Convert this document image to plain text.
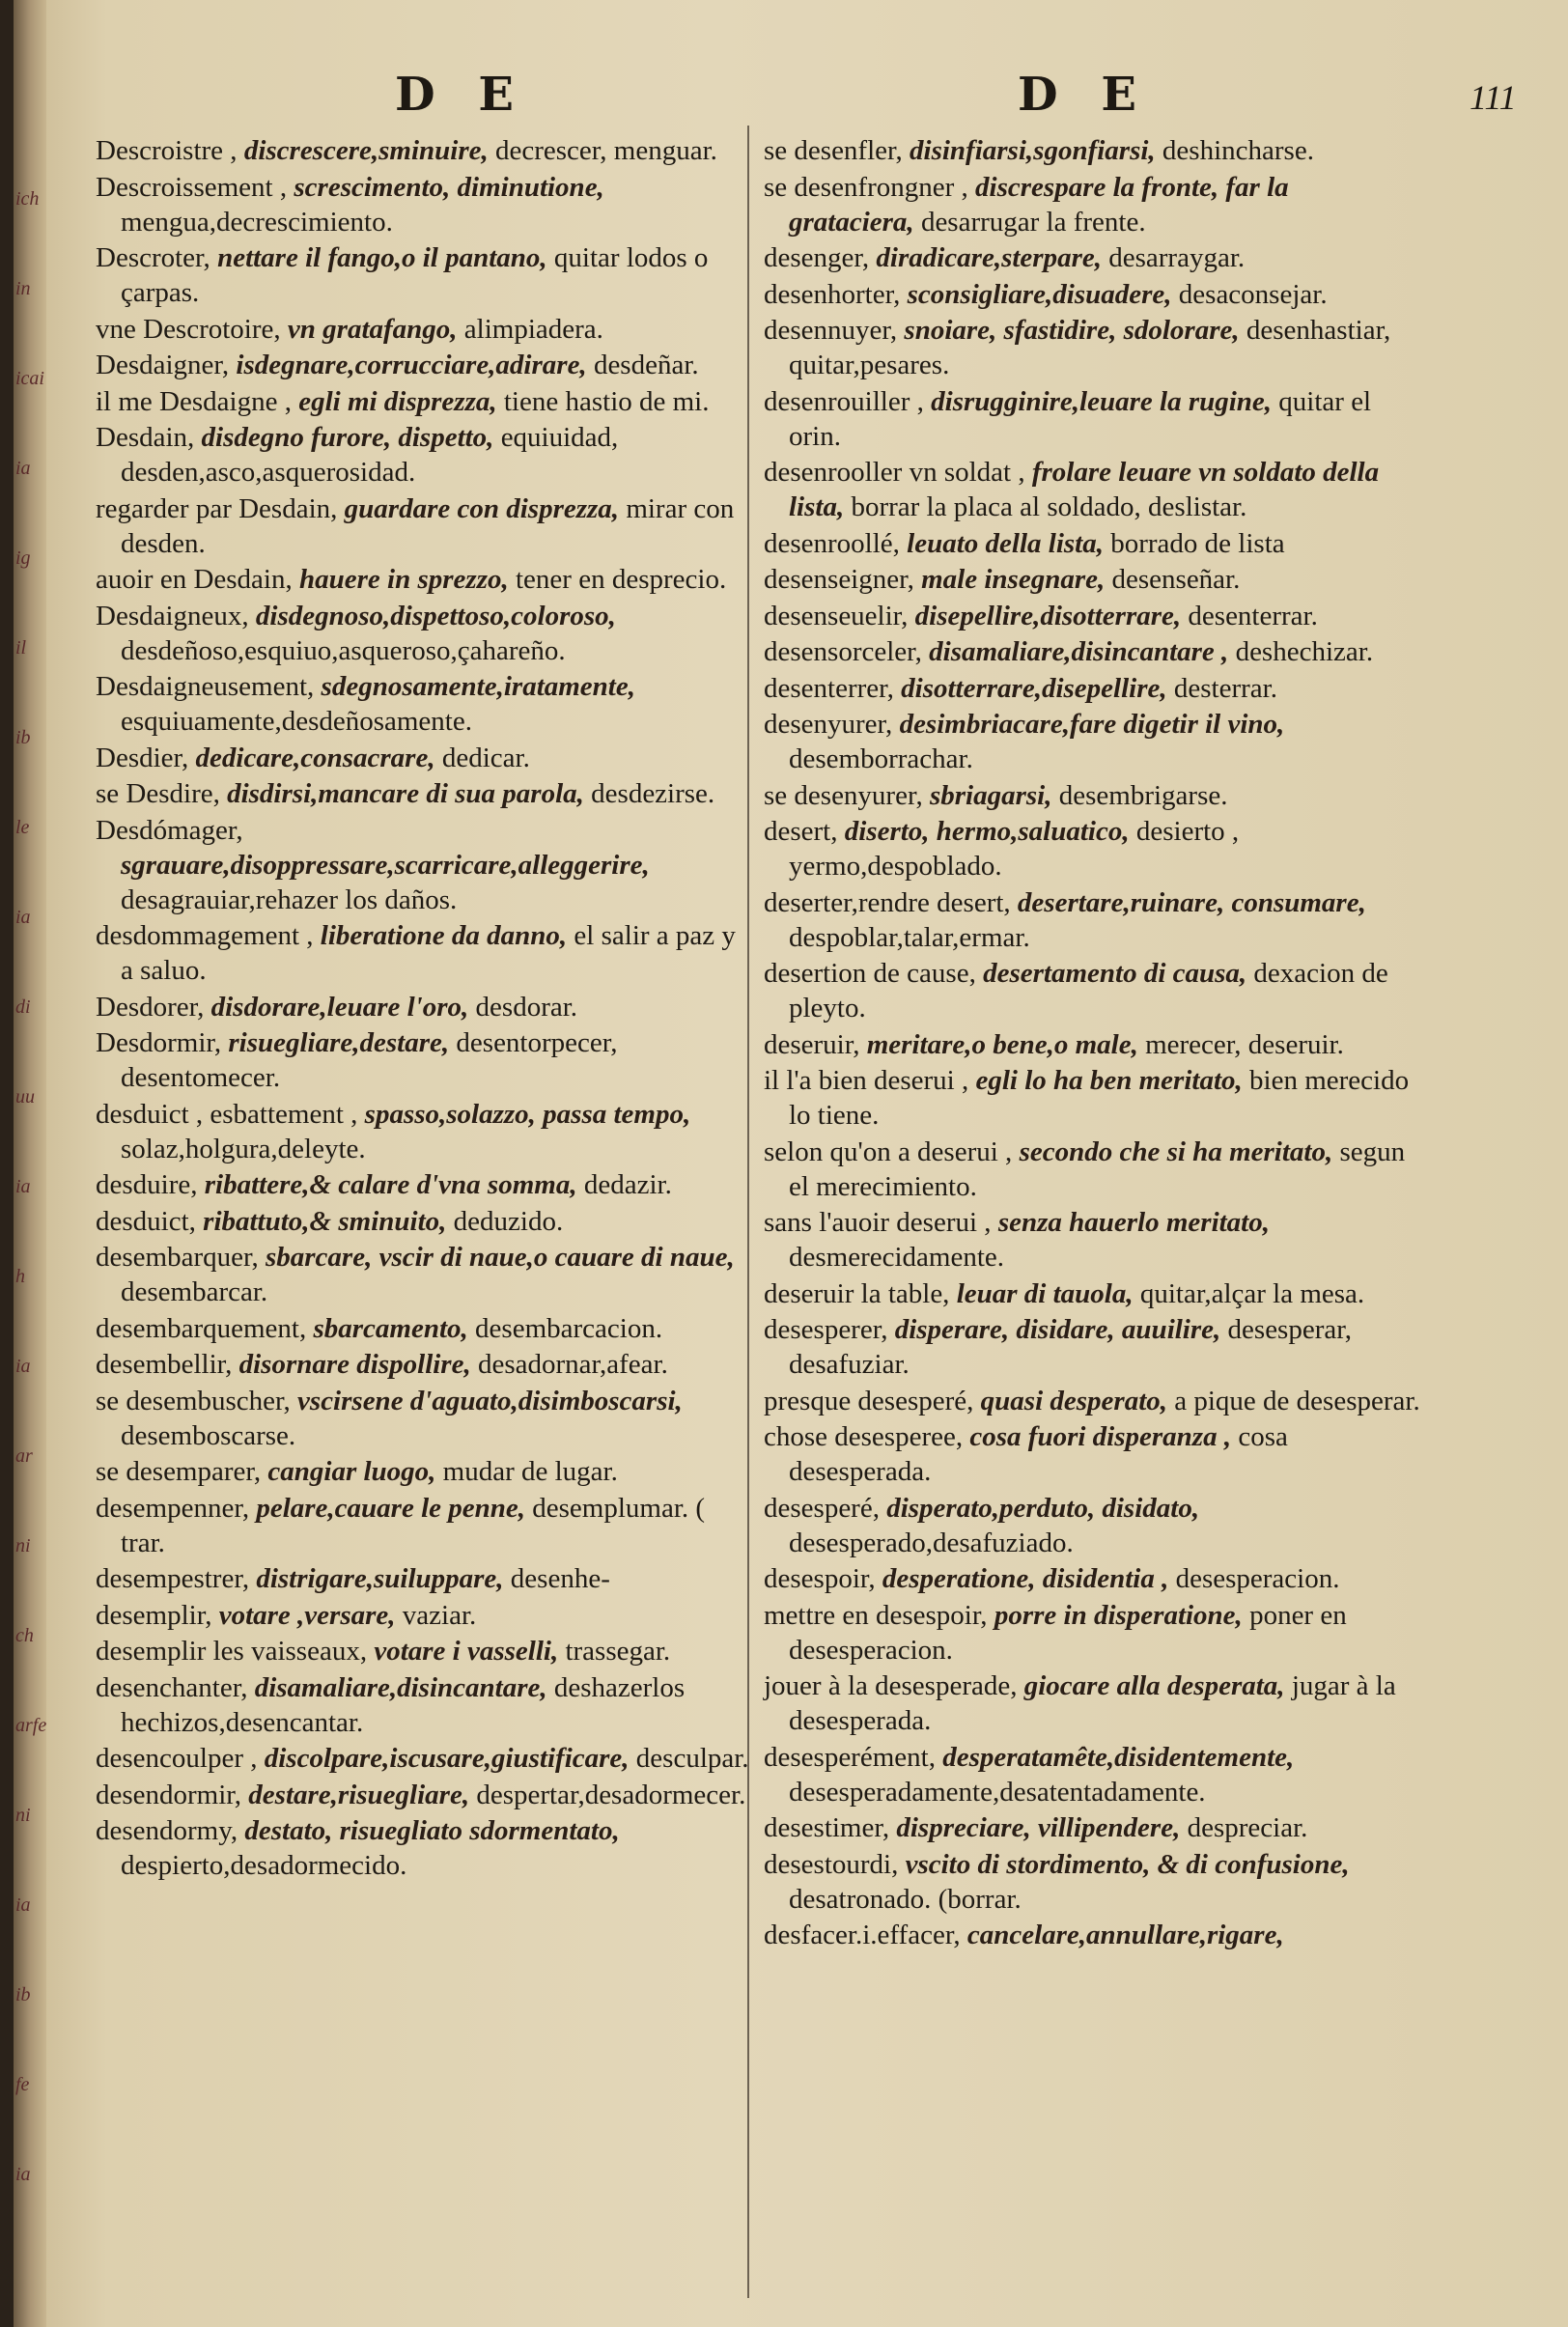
ich
in
icai
ia
ig
il
ib
le
ia
di
uu
ia
h
ia
ar
ni
ch
arfe
ni
ia
ib
fe
ia
D E	D E	111

Descroistre , discrescere,sminuire, decrescer, menguar.

Descroissement , screscimento, diminutione, mengua,decrescimiento.

Descroter, nettare il fango,o il pantano, quitar lodos o çarpas.

vne Descrotoire, vn gratafango, alimpiadera.

Desdaigner, isdegnare,corrucciare,adirare, desdeñar.

il me Desdaigne , egli mi disprezza, tiene hastio de mi.

Desdain, disdegno furore, dispetto, equiuidad, desden,asco,asquerosidad.

regarder par Desdain, guardare con disprezza, mirar con desden.

auoir en Desdain, hauere in sprezzo, tener en desprecio.

Desdaigneux, disdegnoso,dispettoso,coloroso, desdeñoso,esquiuo,asqueroso,çahareño.

Desdaigneusement, sdegnosamente,iratamente, esquiuamente,desdeñosamente.

Desdier, dedicare,consacrare, dedicar.

se Desdire, disdirsi,mancare di sua parola, desdezirse.

Desdómager, sgrauare,disoppressare,scarricare,alleggerire, desagrauiar,rehazer los daños.

desdommagement , liberatione da danno, el salir a paz y a saluo.

Desdorer, disdorare,leuare l'oro, desdorar.

Desdormir, risuegliare,destare, desentorpecer, desentomecer.

desduict , esbattement , spasso,solazzo, passa tempo, solaz,holgura,deleyte.

desduire, ribattere,& calare d'vna somma, dedazir.

desduict, ribattuto,& sminuito, deduzido.

desembarquer, sbarcare, vscir di naue,o cauare di naue, desembarcar.

desembarquement, sbarcamento, desembarcacion.

desembellir, disornare dispollire, desadornar,afear.

se desembuscher, vscirsene d'aguato,disimboscarsi, desemboscarse.

se desemparer, cangiar luogo, mudar de lugar.

desempenner, pelare,cauare le penne, desemplumar. ( trar.

desempestrer, distrigare,suiluppare, desenhe-

desemplir, votare ,versare, vaziar.

desemplir les vaisseaux, votare i vasselli, trassegar.

desenchanter, disamaliare,disincantare, deshazerlos hechizos,desencantar.

desencoulper , discolpare,iscusare,giustificare, desculpar.

desendormir, destare,risuegliare, despertar,desadormecer.

desendormy, destato, risuegliato sdormentato, despierto,desadormecido.

se desenfler, disinfiarsi,sgonfiarsi, deshincharse.

se desenfrongner , discrespare la fronte, far la grataciera, desarrugar la frente.

desenger, diradicare,sterpare, desarraygar.

desenhorter, sconsigliare,disuadere, desaconsejar.

desennuyer, snoiare, sfastidire, sdolorare, desenhastiar, quitar,pesares.

desenrouiller , disrugginire,leuare la rugine, quitar el orin.

desenrooller vn soldat , frolare leuare vn soldato della lista, borrar la placa al soldado, deslistar.

desenroollé, leuato della lista, borrado de lista

desenseigner, male insegnare, desenseñar.

desenseuelir, disepellire,disotterrare, desenterrar.

desensorceler, disamaliare,disincantare , deshechizar.

desenterrer, disotterrare,disepellire, desterrar.

desenyurer, desimbriacare,fare digetir il vino, desemborrachar.

se desenyurer, sbriagarsi, desembrigarse.

desert, diserto, hermo,saluatico, desierto , yermo,despoblado.

deserter,rendre desert, desertare,ruinare, consumare, despoblar,talar,ermar.

desertion de cause, desertamento di causa, dexacion de pleyto.

deseruir, meritare,o bene,o male, merecer, deseruir.

il l'a bien deserui , egli lo ha ben meritato, bien merecido lo tiene.

selon qu'on a deserui , secondo che si ha meritato, segun el merecimiento.

sans l'auoir deserui , senza hauerlo meritato, desmerecidamente.

deseruir la table, leuar di tauola, quitar,alçar la mesa.

desesperer, disperare, disidare, auuilire, desesperar, desafuziar.

presque desesperé, quasi desperato, a pique de desesperar.

chose desesperee, cosa fuori disperanza , cosa desesperada.

desesperé, disperato,perduto, disidato, desesperado,desafuziado.

desespoir, desperatione, disidentia , desesperacion.

mettre en desespoir, porre in disperatione, poner en desesperacion.

jouer à la desesperade, giocare alla desperata, jugar à la desesperada.

desesperément, desperatamête,disidentemente, desesperadamente,desatentadamente.

desestimer, dispreciare, villipendere, despreciar.

desestourdi, vscito di stordimento, & di confusione, desatronado. (borrar.

desfacer.i.effacer, cancelare,annullare,rigare,
